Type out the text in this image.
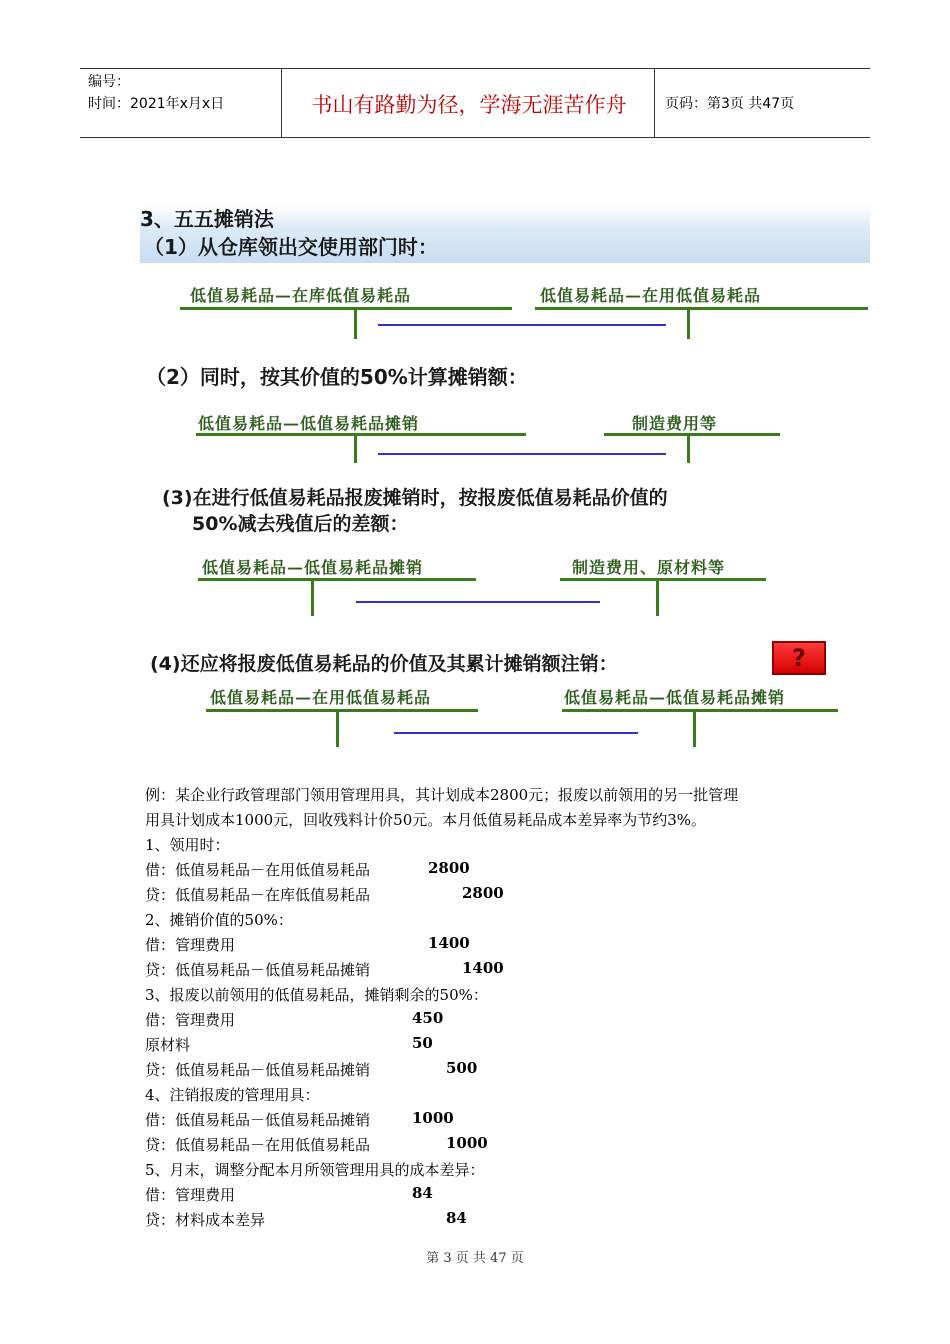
编号：
时间：2021年x月x日	书山有路勤为径，学海无涯苦作舟	页码：第3页 共47页
3、五五摊销法
（1）从仓库领出交使用部门时：
低值易耗品—在库低值易耗品	低值易耗品—在用低值易耗品
（2）同时，按其价值的50%计算摊销额：
低值易耗品—低值易耗品摊销	制造费用等
(3)在进行低值易耗品报废摊销时，按报废低值易耗品价值的
50%减去残值后的差额：
低值易耗品—低值易耗品摊销	制造费用、原材料等
(4)还应将报废低值易耗品的价值及其累计摊销额注销：	?
低值易耗品—在用低值易耗品	低值易耗品—低值易耗品摊销
例：某企业行政管理部门领用管理用具，其计划成本2800元；报废以前领用的另一批管理
用具计划成本1000元，回收残料计价50元。本月低值易耗品成本差异率为节约3%。
1、领用时：
借：低值易耗品－在用低值易耗品	2800
贷：低值易耗品－在库低值易耗品	2800
2、摊销价值的50%：
借：管理费用	1400
贷：低值易耗品－低值易耗品摊销	1400
3、报废以前领用的低值易耗品，摊销剩余的50%：
借：管理费用	450
原材料	50
贷：低值易耗品－低值易耗品摊销	500
4、注销报废的管理用具：
借：低值易耗品－低值易耗品摊销	1000
贷：低值易耗品－在用低值易耗品	1000
5、月末，调整分配本月所领管理用具的成本差异：
借：管理费用	84
贷：材料成本差异	84
第 3 页 共 47 页
